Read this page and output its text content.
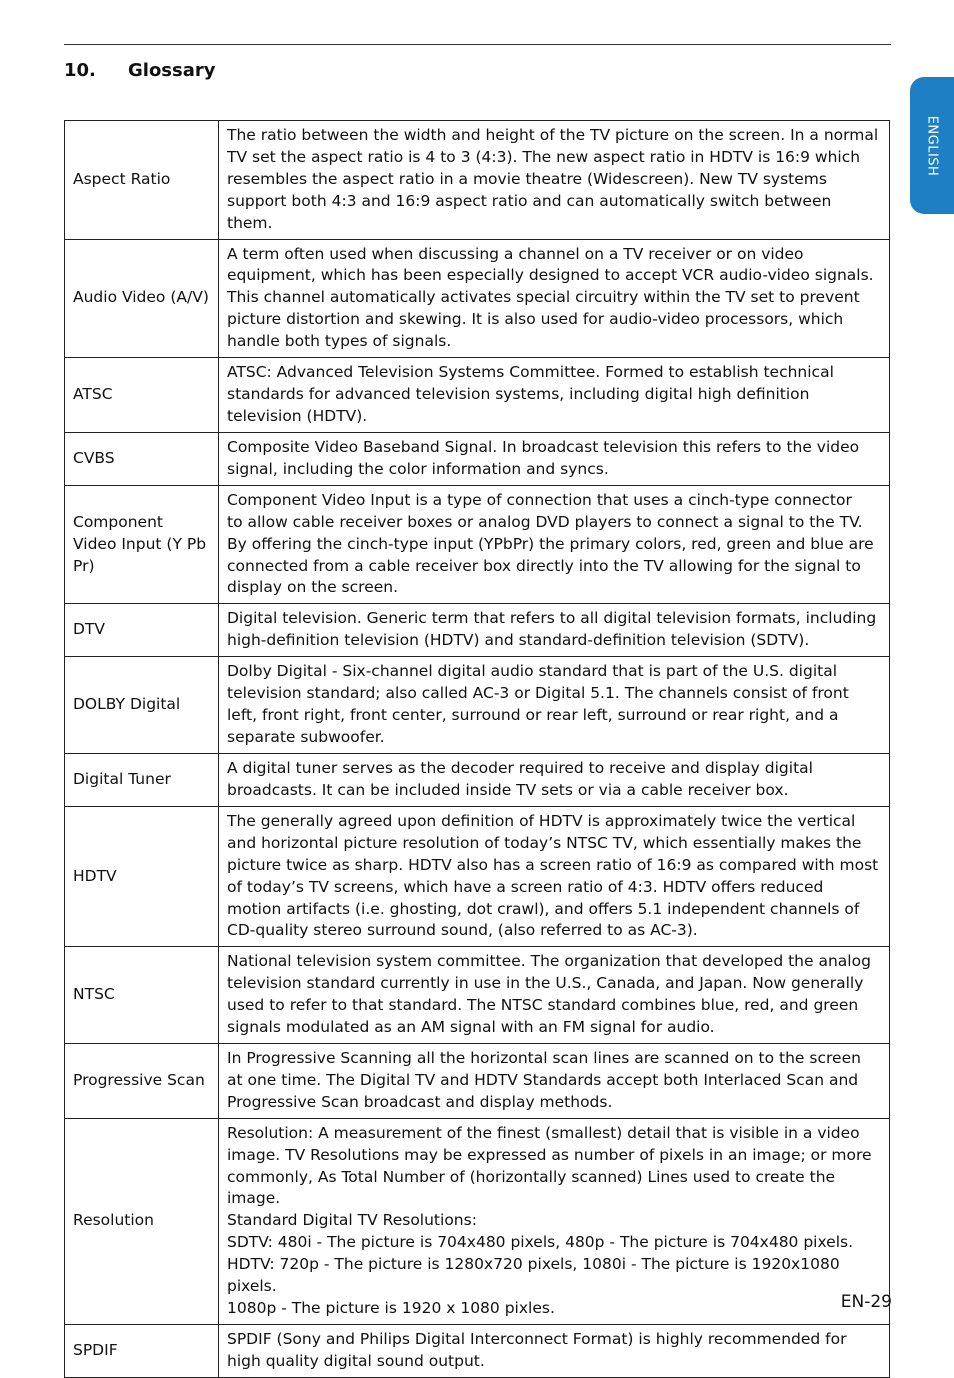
10. Glossary
ENGLISH
Aspect Ratio	The ratio between the width and height of the TV picture on the screen. In a normal TV set the aspect ratio is 4 to 3 (4:3). The new aspect ratio in HDTV is 16:9 which resembles the aspect ratio in a movie theatre (Widescreen). New TV systems support both 4:3 and 16:9 aspect ratio and can automatically switch between them.
Audio Video (A/V)	A term often used when discussing a channel on a TV receiver or on video equipment, which has been especially designed to accept VCR audio-video signals. This channel automatically activates special circuitry within the TV set to prevent picture distortion and skewing. It is also used for audio-video processors, which handle both types of signals.
ATSC	ATSC: Advanced Television Systems Committee. Formed to establish technical standards for advanced television systems, including digital high definition television (HDTV).
CVBS	Composite Video Baseband Signal. In broadcast television this refers to the video signal, including the color information and syncs.
Component Video Input (Y Pb Pr)	Component Video Input is a type of connection that uses a cinch-type connector
to allow cable receiver boxes or analog DVD players to connect a signal to the TV.
By offering the cinch-type input (YPbPr) the primary colors, red, green and blue are connected from a cable receiver box directly into the TV allowing for the signal to display on the screen.
DTV	Digital television. Generic term that refers to all digital television formats, including high-definition television (HDTV) and standard-definition television (SDTV).
DOLBY Digital	Dolby Digital - Six-channel digital audio standard that is part of the U.S. digital television standard; also called AC-3 or Digital 5.1. The channels consist of front left, front right, front center, surround or rear left, surround or rear right, and a separate subwoofer.
Digital Tuner	A digital tuner serves as the decoder required to receive and display digital broadcasts. It can be included inside TV sets or via a cable receiver box.
HDTV	The generally agreed upon definition of HDTV is approximately twice the vertical and horizontal picture resolution of today’s NTSC TV, which essentially makes the picture twice as sharp. HDTV also has a screen ratio of 16:9 as compared with most of today’s TV screens, which have a screen ratio of 4:3. HDTV offers reduced motion artifacts (i.e. ghosting, dot crawl), and offers 5.1 independent channels of CD-quality stereo surround sound, (also referred to as AC-3).
NTSC	National television system committee. The organization that developed the analog television standard currently in use in the U.S., Canada, and Japan. Now generally used to refer to that standard. The NTSC standard combines blue, red, and green signals modulated as an AM signal with an FM signal for audio.
Progressive Scan	In Progressive Scanning all the horizontal scan lines are scanned on to the screen
at one time. The Digital TV and HDTV Standards accept both Interlaced Scan and Progressive Scan broadcast and display methods.
Resolution	Resolution: A measurement of the finest (smallest) detail that is visible in a video image. TV Resolutions may be expressed as number of pixels in an image; or more commonly, As Total Number of (horizontally scanned) Lines used to create the image.
Standard Digital TV Resolutions:
SDTV: 480i - The picture is 704x480 pixels, 480p - The picture is 704x480 pixels.
HDTV: 720p - The picture is 1280x720 pixels, 1080i - The picture is 1920x1080 pixels.
1080p - The picture is 1920 x 1080 pixles.
SPDIF	SPDIF (Sony and Philips Digital Interconnect Format) is highly recommended for high quality digital sound output.
EN-29
